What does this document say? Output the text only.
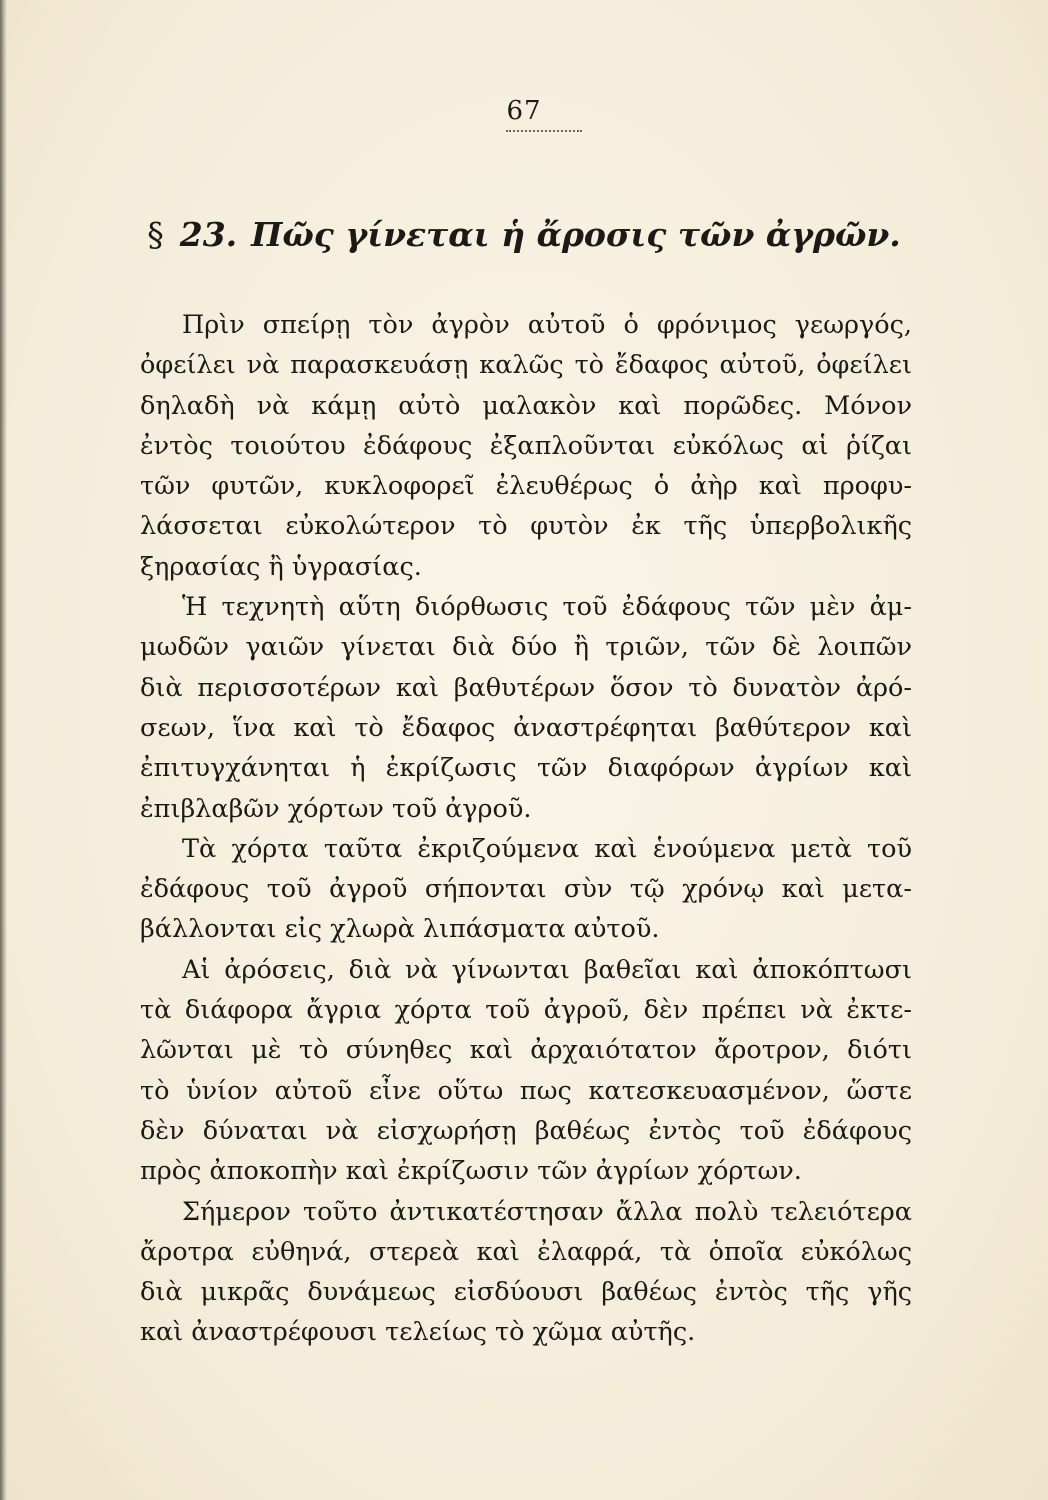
67
§ 23. Πῶς γίνεται ἡ ἄροσις τῶν ἀγρῶν.
Πρὶν σπείρῃ τὸν ἀγρὸν αὐτοῦ ὁ φρόνιμος γεωργός,
ὀφείλει νὰ παρασκευάσῃ καλῶς τὸ ἔδαφος αὐτοῦ, ὀφείλει
δηλαδὴ νὰ κάμῃ αὐτὸ μαλακὸν καὶ πορῶδες. Μόνον
ἐντὸς τοιούτου ἐδάφους ἐξαπλοῦνται εὐκόλως αἱ ῥίζαι
τῶν φυτῶν, κυκλοφορεῖ ἐλευθέρως ὁ ἀὴρ καὶ προφυ-
λάσσεται εὐκολώτερον τὸ φυτὸν ἐκ τῆς ὑπερβολικῆς
ξηρασίας ἢ ὑγρασίας.
Ἡ τεχνητὴ αὕτη διόρθωσις τοῦ ἐδάφους τῶν μὲν ἀμ-
μωδῶν γαιῶν γίνεται διὰ δύο ἢ τριῶν, τῶν δὲ λοιπῶν
διὰ περισσοτέρων καὶ βαθυτέρων ὅσον τὸ δυνατὸν ἀρό-
σεων, ἵνα καὶ τὸ ἔδαφος ἀναστρέφηται βαθύτερον καὶ
ἐπιτυγχάνηται ἡ ἐκρίζωσις τῶν διαφόρων ἀγρίων καὶ
ἐπιβλαβῶν χόρτων τοῦ ἀγροῦ.
Τὰ χόρτα ταῦτα ἐκριζούμενα καὶ ἑνούμενα μετὰ τοῦ
ἐδάφους τοῦ ἀγροῦ σήπονται σὺν τῷ χρόνῳ καὶ μετα-
βάλλονται εἰς χλωρὰ λιπάσματα αὐτοῦ.
Αἱ ἀρόσεις, διὰ νὰ γίνωνται βαθεῖαι καὶ ἀποκόπτωσι
τὰ διάφορα ἄγρια χόρτα τοῦ ἀγροῦ, δὲν πρέπει νὰ ἐκτε-
λῶνται μὲ τὸ σύνηθες καὶ ἀρχαιότατον ἄροτρον, διότι
τὸ ὑνίον αὐτοῦ εἶνε οὕτω πως κατεσκευασμένον, ὥστε
δὲν δύναται νὰ εἰσχωρήσῃ βαθέως ἐντὸς τοῦ ἐδάφους
πρὸς ἀποκοπὴν καὶ ἐκρίζωσιν τῶν ἀγρίων χόρτων.
Σήμερον τοῦτο ἀντικατέστησαν ἄλλα πολὺ τελειότερα
ἄροτρα εὐθηνά, στερεὰ καὶ ἐλαφρά, τὰ ὁποῖα εὐκόλως
διὰ μικρᾶς δυνάμεως εἰσδύουσι βαθέως ἐντὸς τῆς γῆς
καὶ ἀναστρέφουσι τελείως τὸ χῶμα αὐτῆς.
